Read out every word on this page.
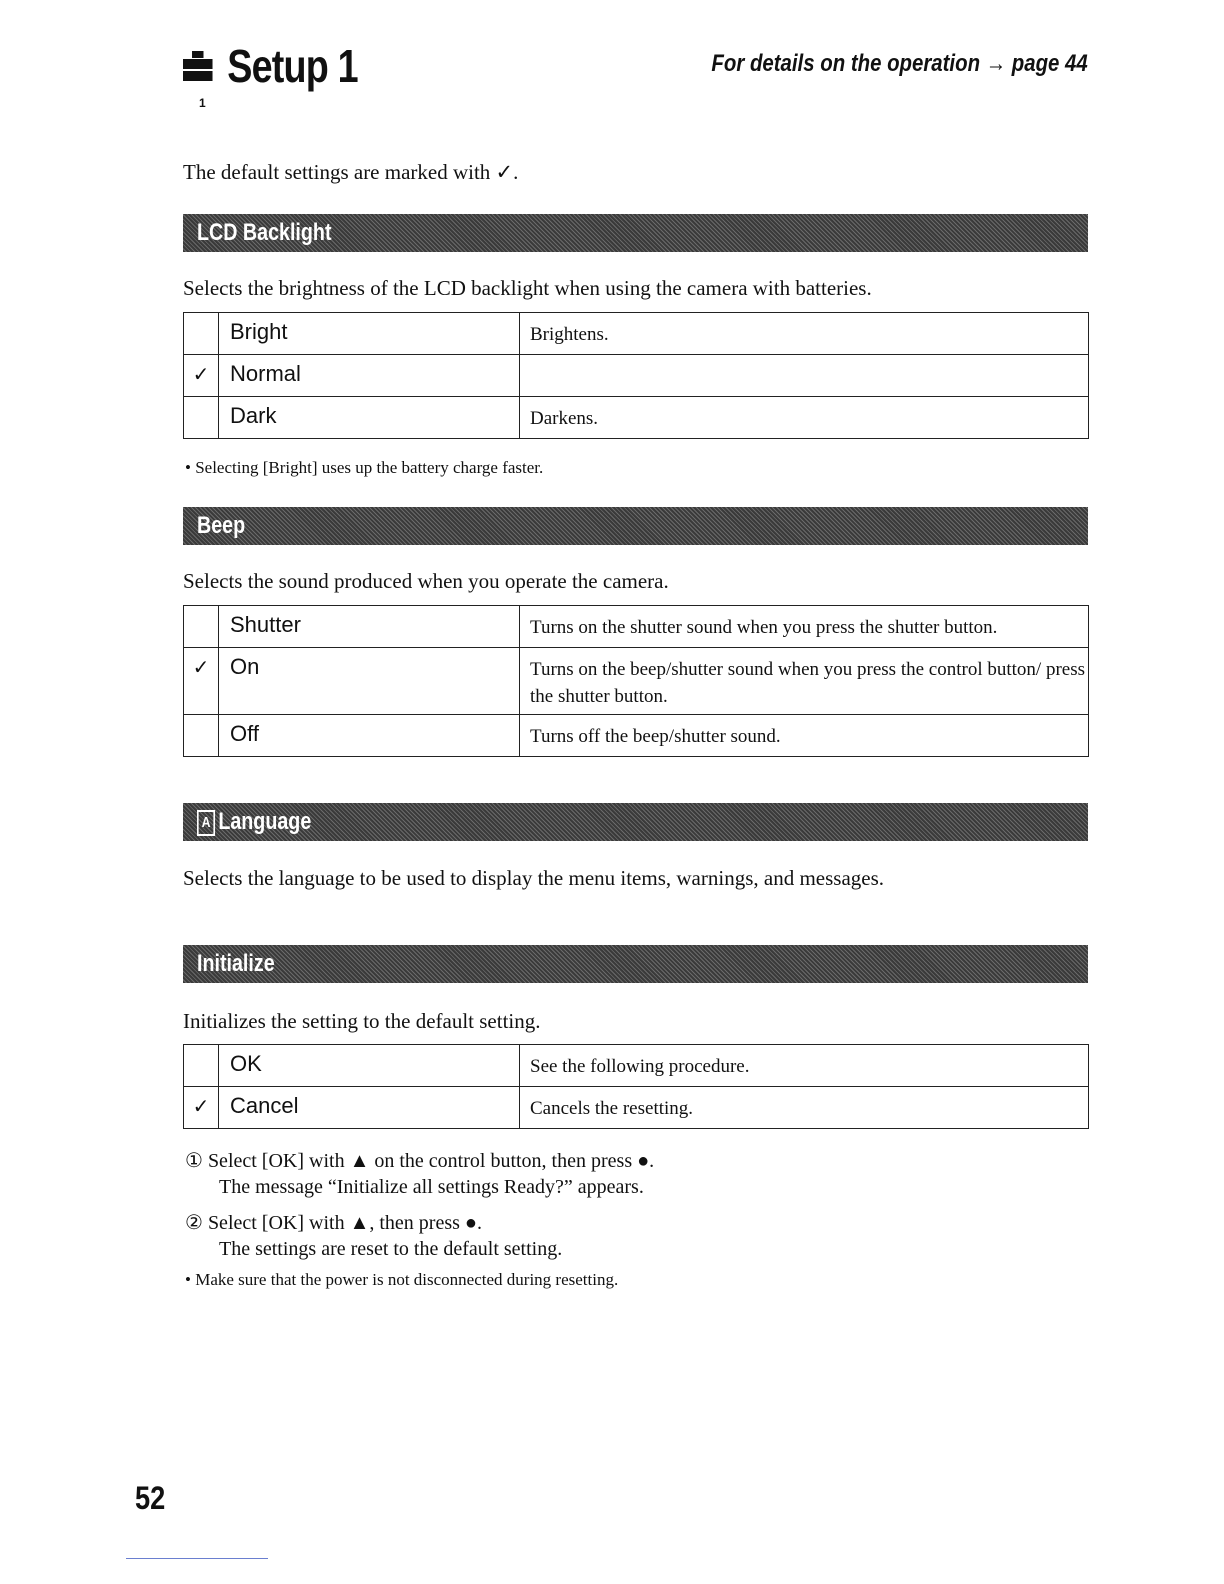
Setup 1
1
For details on the operation → page 44
The default settings are marked with ✓.
LCD Backlight
Selects the brightness of the LCD backlight when using the camera with batteries.
	Bright	Brightens.
✓	Normal	
	Dark	Darkens.
• Selecting [Bright] uses up the battery charge faster.
Beep
Selects the sound produced when you operate the camera.
	Shutter	Turns on the shutter sound when you press the shutter button.
✓	On	Turns on the beep/shutter sound when you press the control button/ press the shutter button.
	Off	Turns off the beep/shutter sound.
A Language
Selects the language to be used to display the menu items, warnings, and messages.
Initialize
Initializes the setting to the default setting.
	OK	See the following procedure.
✓	Cancel	Cancels the resetting.
① Select [OK] with ▲ on the control button, then press ●.
The message “Initialize all settings Ready?” appears.
② Select [OK] with ▲, then press ●.
The settings are reset to the default setting.
• Make sure that the power is not disconnected during resetting.
52
